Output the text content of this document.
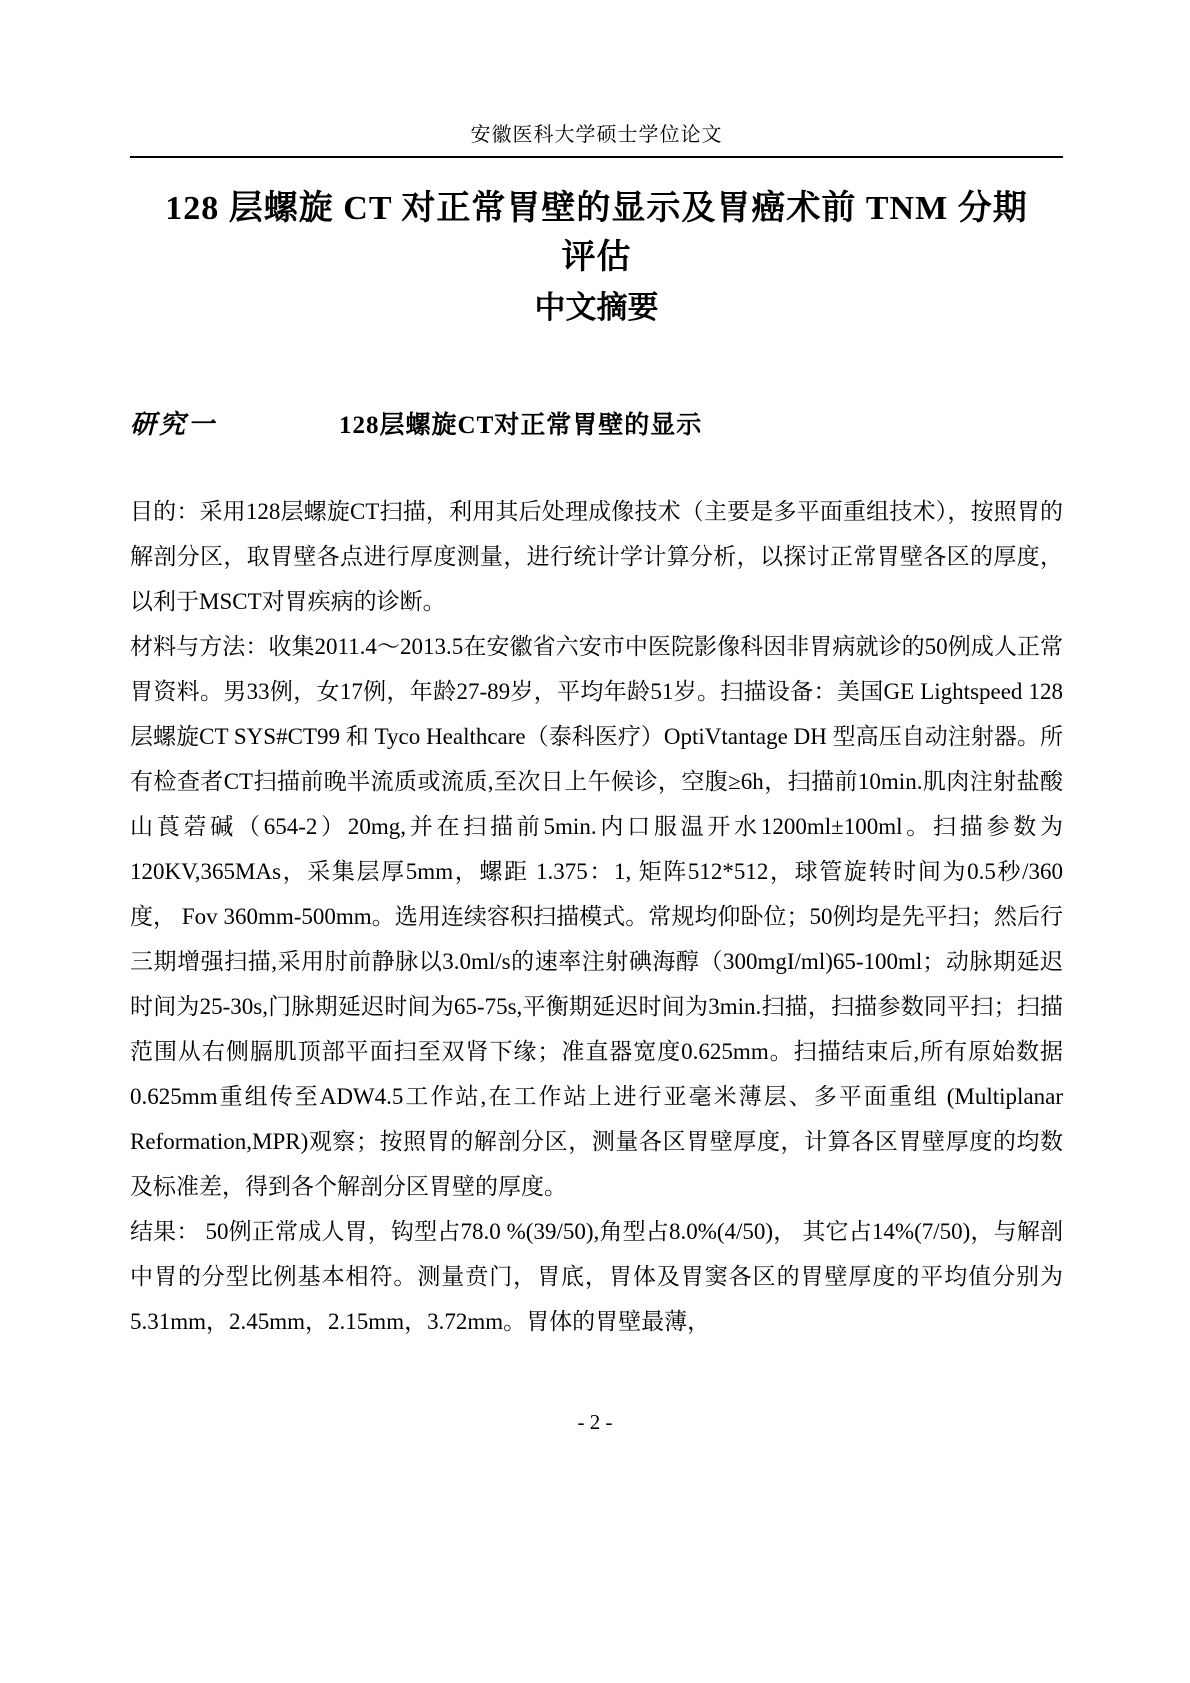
安徽医科大学硕士学位论文
128 层螺旋 CT 对正常胃壁的显示及胃癌术前 TNM 分期
评估
中文摘要
研究一	128层螺旋CT对正常胃壁的显示

目的：采用128层螺旋CT扫描，利用其后处理成像技术（主要是多平面重组技术），按照胃的解剖分区，取胃壁各点进行厚度测量，进行统计学计算分析，以探讨正常胃壁各区的厚度，以利于MSCT对胃疾病的诊断。

材料与方法：收集2011.4～2013.5在安徽省六安市中医院影像科因非胃病就诊的50例成人正常胃资料。男33例，女17例，年龄27-89岁，平均年龄51岁。扫描设备：美国GE Lightspeed 128层螺旋CT SYS#CT99 和 Tyco Healthcare（泰科医疗）OptiVtantage DH 型高压自动注射器。所有检查者CT扫描前晚半流质或流质,至次日上午候诊，空腹≥6h，扫描前10min.肌肉注射盐酸山莨菪碱（654-2）20mg,并在扫描前5min.内口服温开水1200ml±100ml。扫描参数为120KV,365MAs，采集层厚5mm，螺距 1.375：1, 矩阵512*512，球管旋转时间为0.5秒/360度， Fov 360mm-500mm。选用连续容积扫描模式。常规均仰卧位；50例均是先平扫；然后行三期增强扫描,采用肘前静脉以3.0ml/s的速率注射碘海醇（300mgI/ml)65-100ml；动脉期延迟时间为25-30s,门脉期延迟时间为65-75s,平衡期延迟时间为3min.扫描，扫描参数同平扫；扫描范围从右侧膈肌顶部平面扫至双肾下缘；准直器宽度0.625mm。扫描结束后,所有原始数据0.625mm重组传至ADW4.5工作站,在工作站上进行亚毫米薄层、多平面重组 (Multiplanar Reformation,MPR)观察；按照胃的解剖分区，测量各区胃壁厚度，计算各区胃壁厚度的均数及标准差，得到各个解剖分区胃壁的厚度。

结果： 50例正常成人胃，钩型占78.0 %(39/50),角型占8.0%(4/50)， 其它占14%(7/50)，与解剖中胃的分型比例基本相符。测量贲门，胃底，胃体及胃窦各区的胃壁厚度的平均值分别为5.31mm，2.45mm，2.15mm，3.72mm。胃体的胃壁最薄，

- 2 -
